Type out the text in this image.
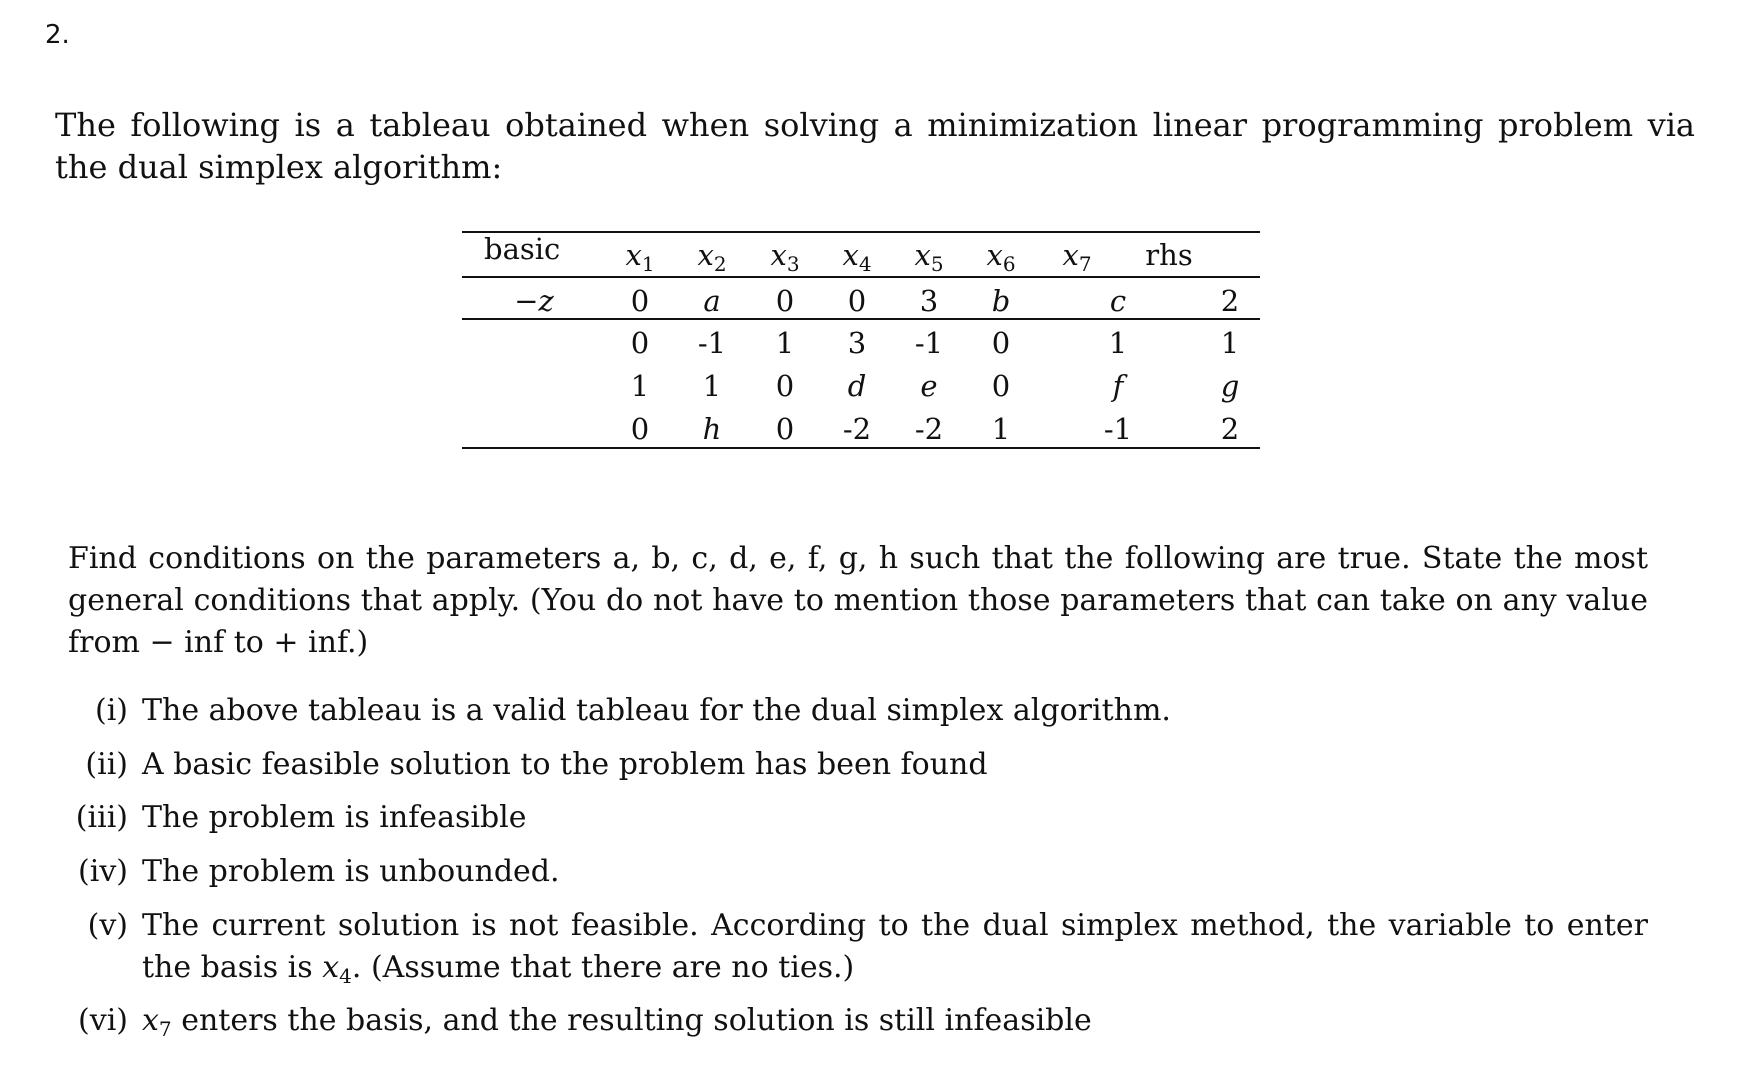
2.
The following is a tableau obtained when solving a minimization linear programming problem via the dual simplex algorithm:
basic $x_1$ $x_2$ $x_3$ $x_4$ $x_5$ $x_6$ $x_7$ rhs
−z	0 a 0 0 3 b	c	2
0 -1 1 3 -1 0	1	1
1 1 0 d e 0	f	g
0 h 0 -2 -2 1	-1	2
Find conditions on the parameters a, b, c, d, e, f, g, h such that the following are true. State the most general conditions that apply. (You do not have to mention those parameters that can take on any value from − inf to + inf.)
(i) The above tableau is a valid tableau for the dual simplex algorithm.
(ii) A basic feasible solution to the problem has been found
(iii) The problem is infeasible
(iv) The problem is unbounded.
(v) The current solution is not feasible. According to the dual simplex method, the variable to enter the basis is $x_4$. (Assume that there are no ties.)
(vi) $x_7$ enters the basis, and the resulting solution is still infeasible
